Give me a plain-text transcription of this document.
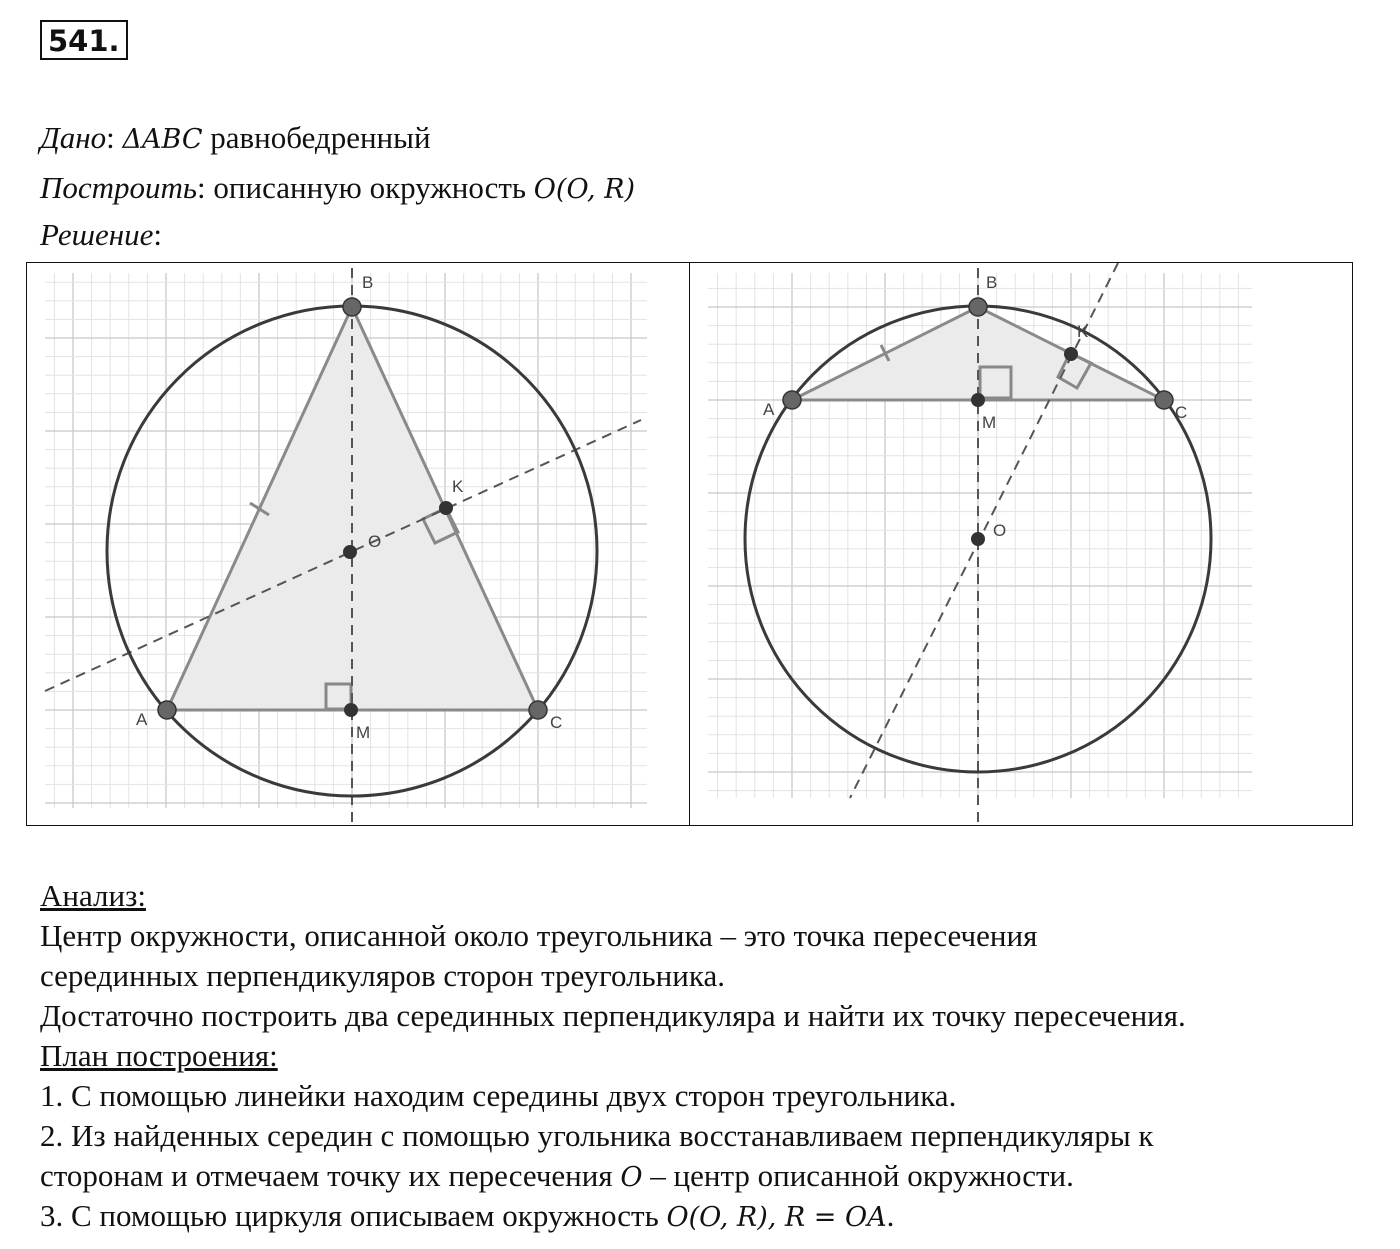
541.
Дано: ΔABC равнобедренный
Построить: описанную окружность O(O, R)
Решение:
B
A	C
O
K
M
B
A	C
O
K
M
Анализ:
Центр окружности, описанной около треугольника – это точка пересечения
серединных перпендикуляров сторон треугольника.
Достаточно построить два серединных перпендикуляра и найти их точку пересечения.
План построения:
1. С помощью линейки находим середины двух сторон треугольника.
2. Из найденных середин с помощью угольника восстанавливаем перпендикуляры к
сторонам и отмечаем точку их пересечения O – центр описанной окружности.
3. С помощью циркуля описываем окружность O(O, R), R = OA.
